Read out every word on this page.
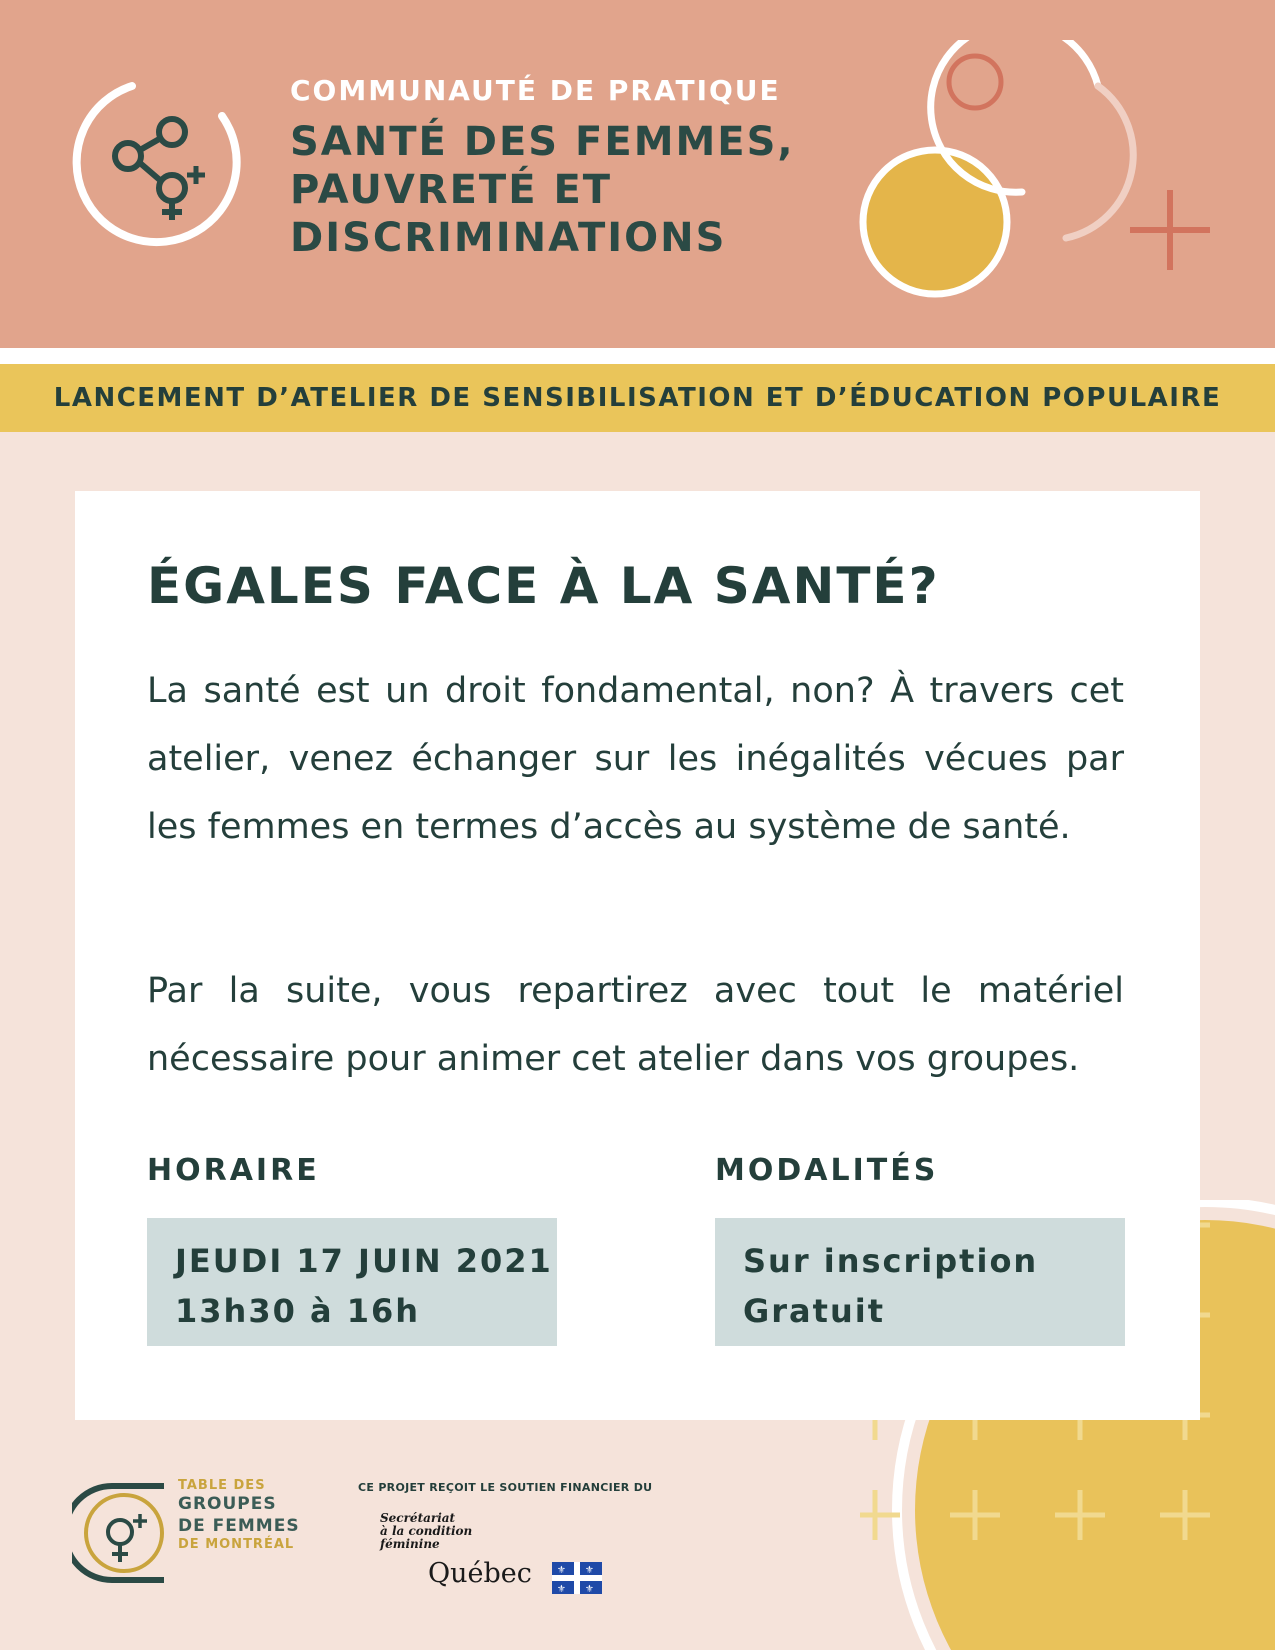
COMMUNAUTÉ DE PRATIQUE
SANTÉ DES FEMMES,
PAUVRETÉ ET
DISCRIMINATIONS
LANCEMENT D’ATELIER DE SENSIBILISATION ET D’ÉDUCATION POPULAIRE
ÉGALES FACE À LA SANTÉ?

La santé est un droit fondamental, non? À travers cet atelier, venez échanger sur les inégalités vécues par les femmes en termes d’accès au système de santé.

Par la suite, vous repartirez avec tout le matériel nécessaire pour animer cet atelier dans vos groupes.

HORAIRE	MODALITÉS
JEUDI 17 JUIN 2021
13h30 à 16h
Sur inscription
Gratuit
TABLE DES
GROUPES
DE FEMMES
DE MONTRÉAL
CE PROJET REÇOIT LE SOUTIEN FINANCIER DU
Secrétariat
à la condition
féminine
Québec	⚜ ⚜
⚜ ⚜
